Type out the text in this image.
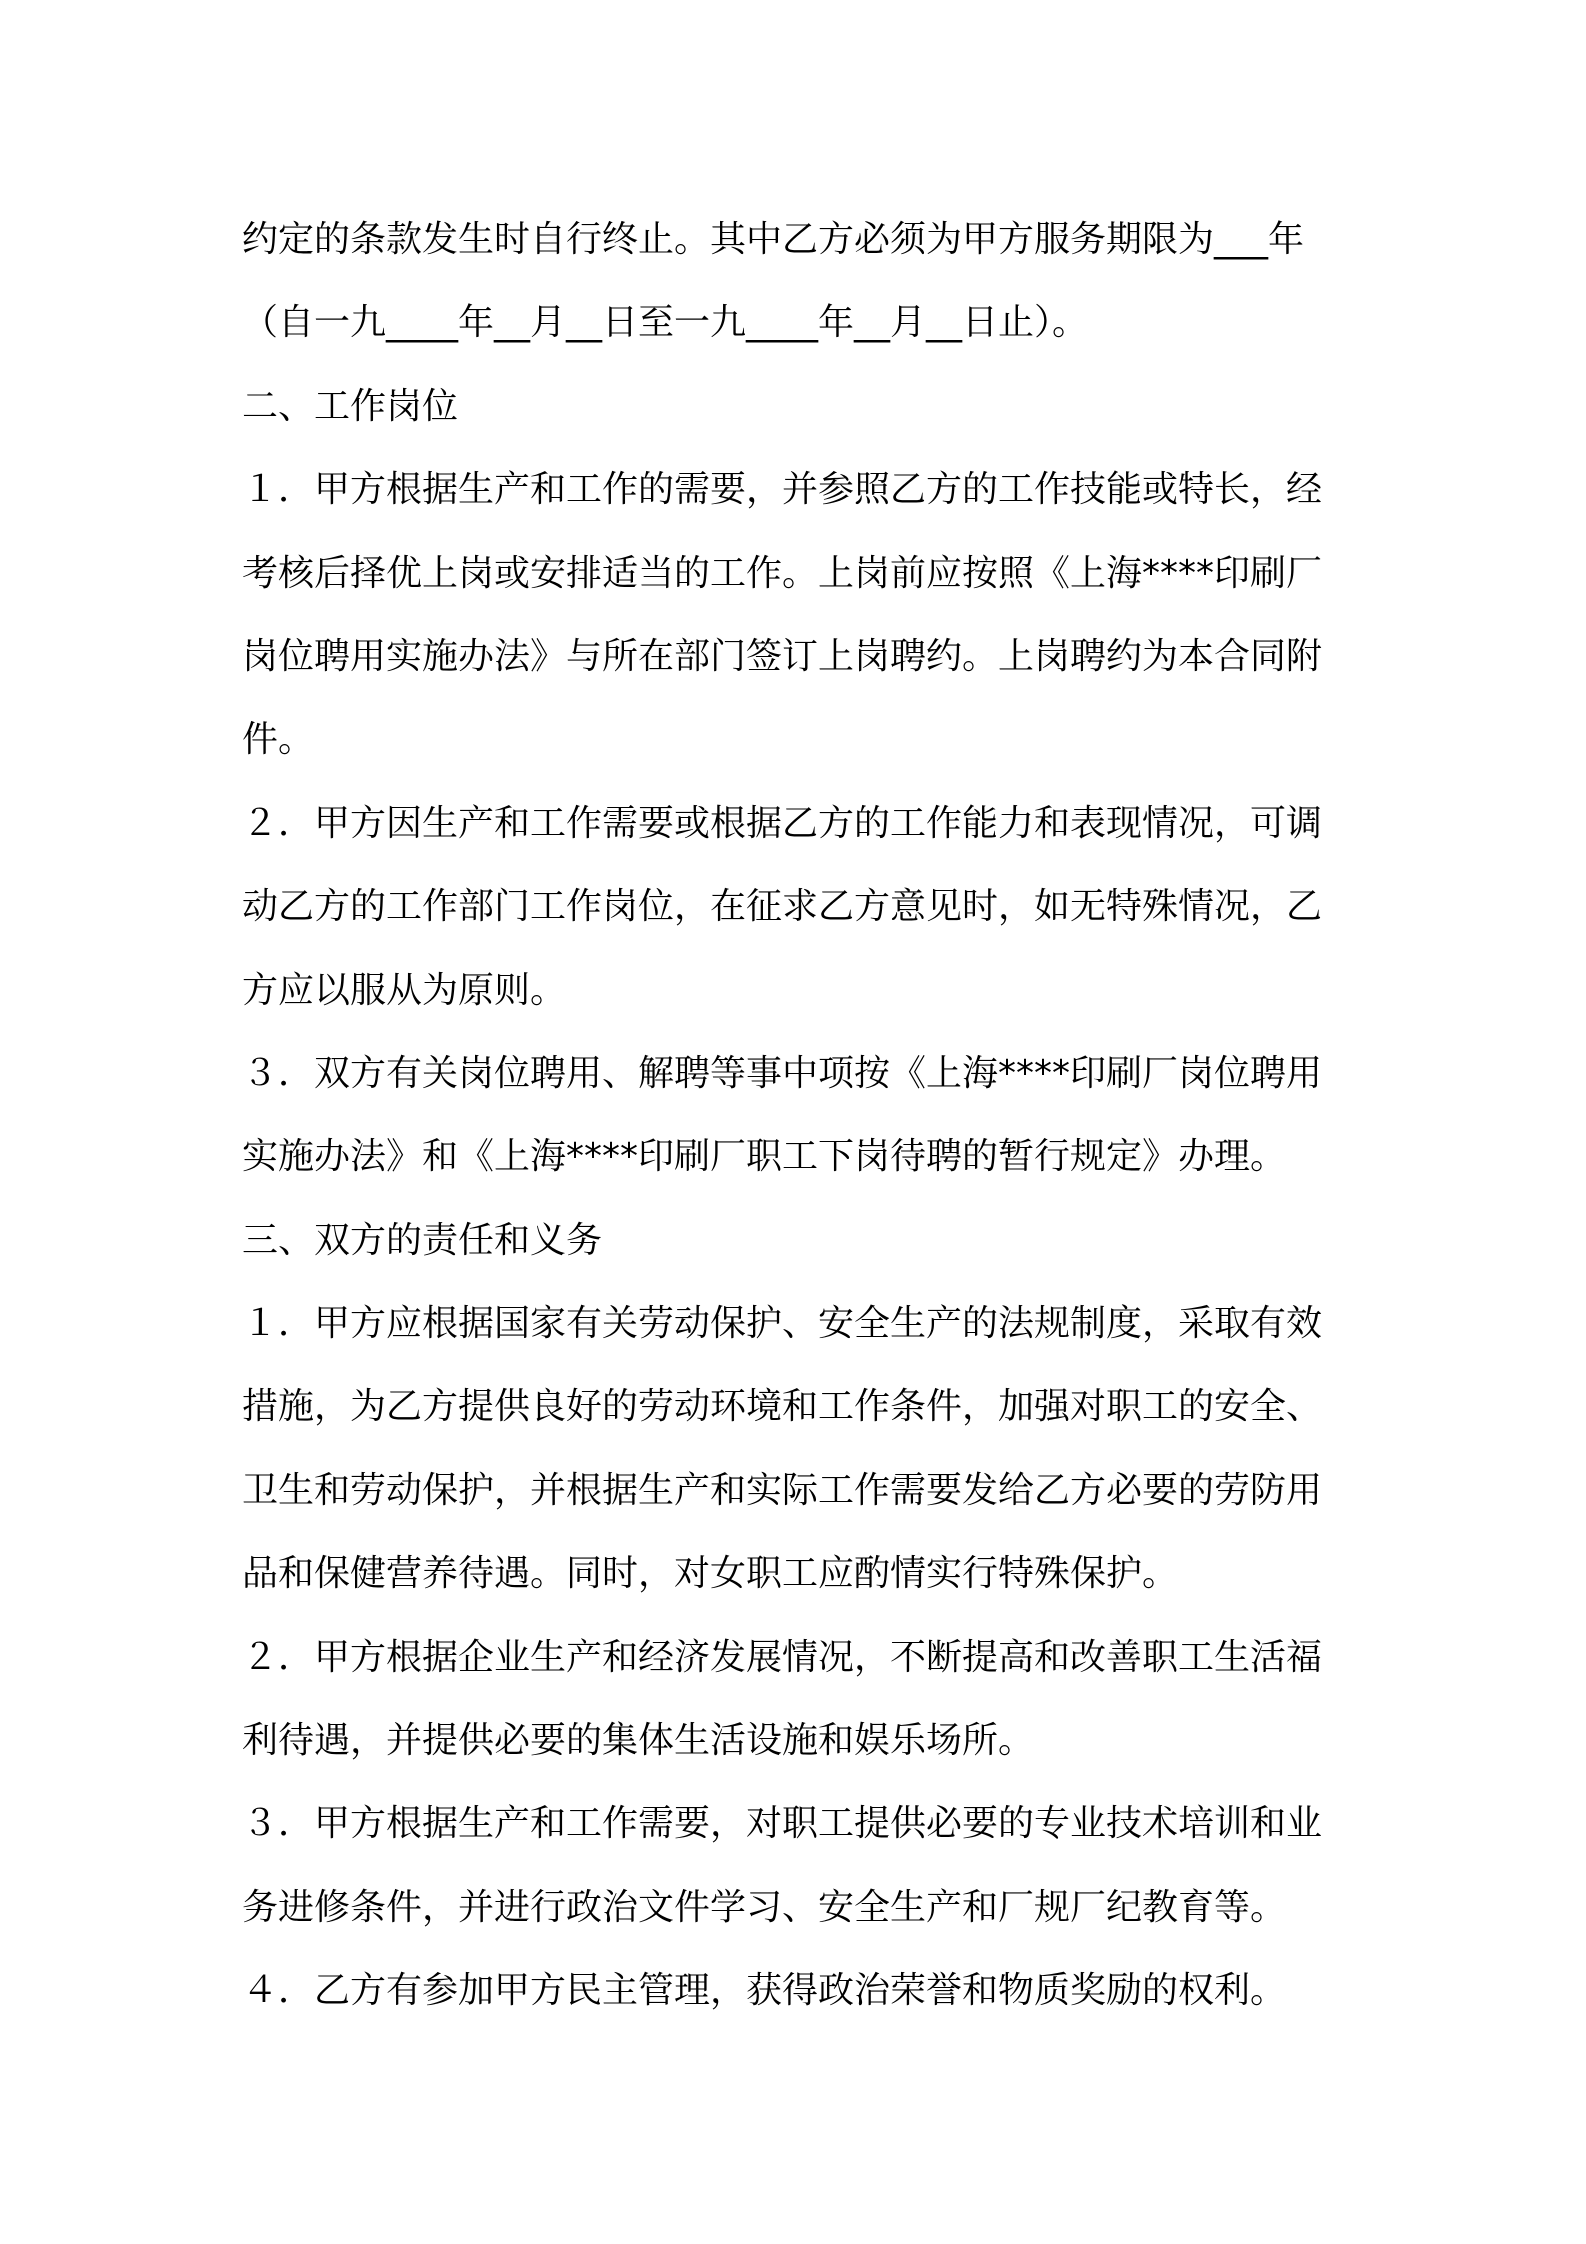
约定的条款发生时自行终止。其中乙方必须为甲方服务期限为___年
（自一九____年__月__日至一九____年__月__日止）。
二、工作岗位
１．甲方根据生产和工作的需要，并参照乙方的工作技能或特长，经
考核后择优上岗或安排适当的工作。上岗前应按照《上海****印刷厂
岗位聘用实施办法》与所在部门签订上岗聘约。上岗聘约为本合同附
件。
２．甲方因生产和工作需要或根据乙方的工作能力和表现情况，可调
动乙方的工作部门工作岗位，在征求乙方意见时，如无特殊情况，乙
方应以服从为原则。
３．双方有关岗位聘用、解聘等事中项按《上海****印刷厂岗位聘用
实施办法》和《上海****印刷厂职工下岗待聘的暂行规定》办理。
三、双方的责任和义务
１．甲方应根据国家有关劳动保护、安全生产的法规制度，采取有效
措施，为乙方提供良好的劳动环境和工作条件，加强对职工的安全、
卫生和劳动保护，并根据生产和实际工作需要发给乙方必要的劳防用
品和保健营养待遇。同时，对女职工应酌情实行特殊保护。
２．甲方根据企业生产和经济发展情况，不断提高和改善职工生活福
利待遇，并提供必要的集体生活设施和娱乐场所。
３．甲方根据生产和工作需要，对职工提供必要的专业技术培训和业
务进修条件，并进行政治文件学习、安全生产和厂规厂纪教育等。
４．乙方有参加甲方民主管理，获得政治荣誉和物质奖励的权利。
